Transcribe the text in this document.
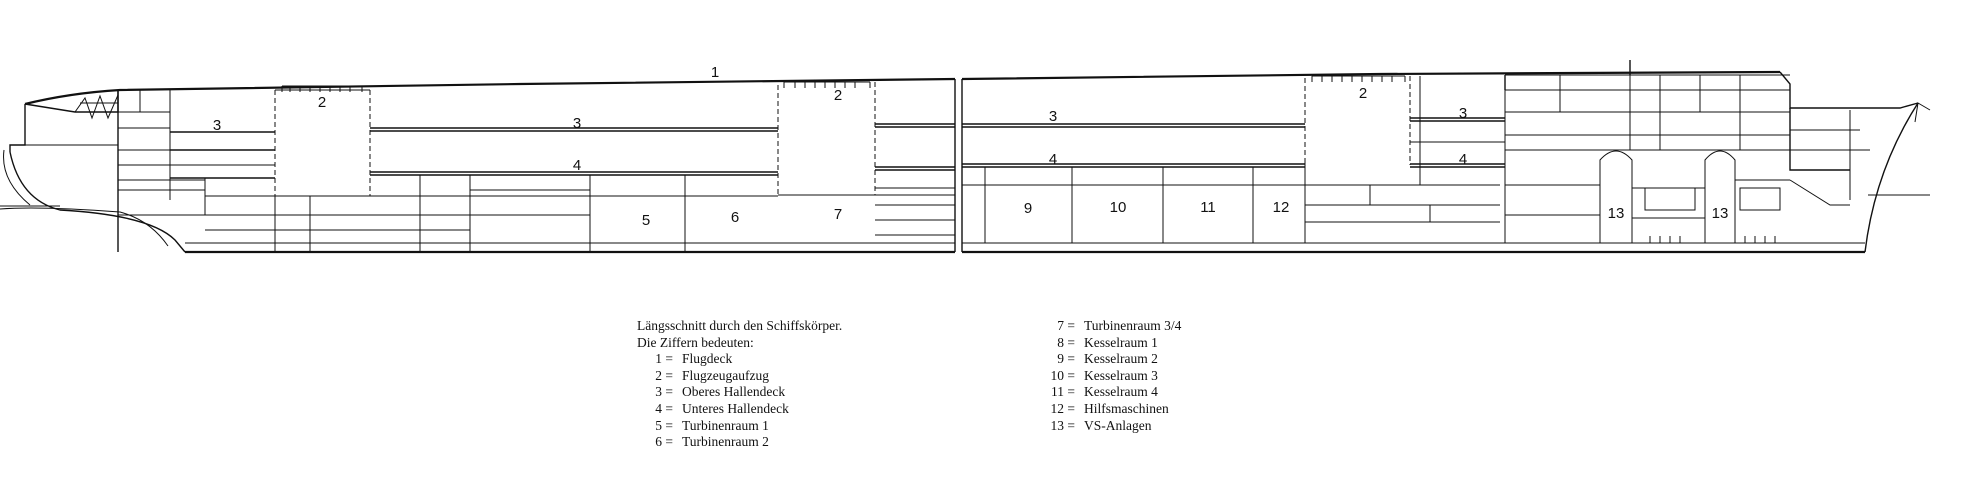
1
3
2
3
2
4
5	6	7
3
4
9	10	11	12
2
3
4
13	13
Längsschnitt durch den Schiffskörper.
Die Ziffern bedeuten:
1 = Flugdeck
2 = Flugzeugaufzug
3 = Oberes Hallendeck
4 = Unteres Hallendeck
5 = Turbinenraum 1
6 = Turbinenraum 2
7 = Turbinenraum 3/4
8 = Kesselraum 1
9 = Kesselraum 2
10 = Kesselraum 3
11 = Kesselraum 4
12 = Hilfsmaschinen
13 = VS-Anlagen
